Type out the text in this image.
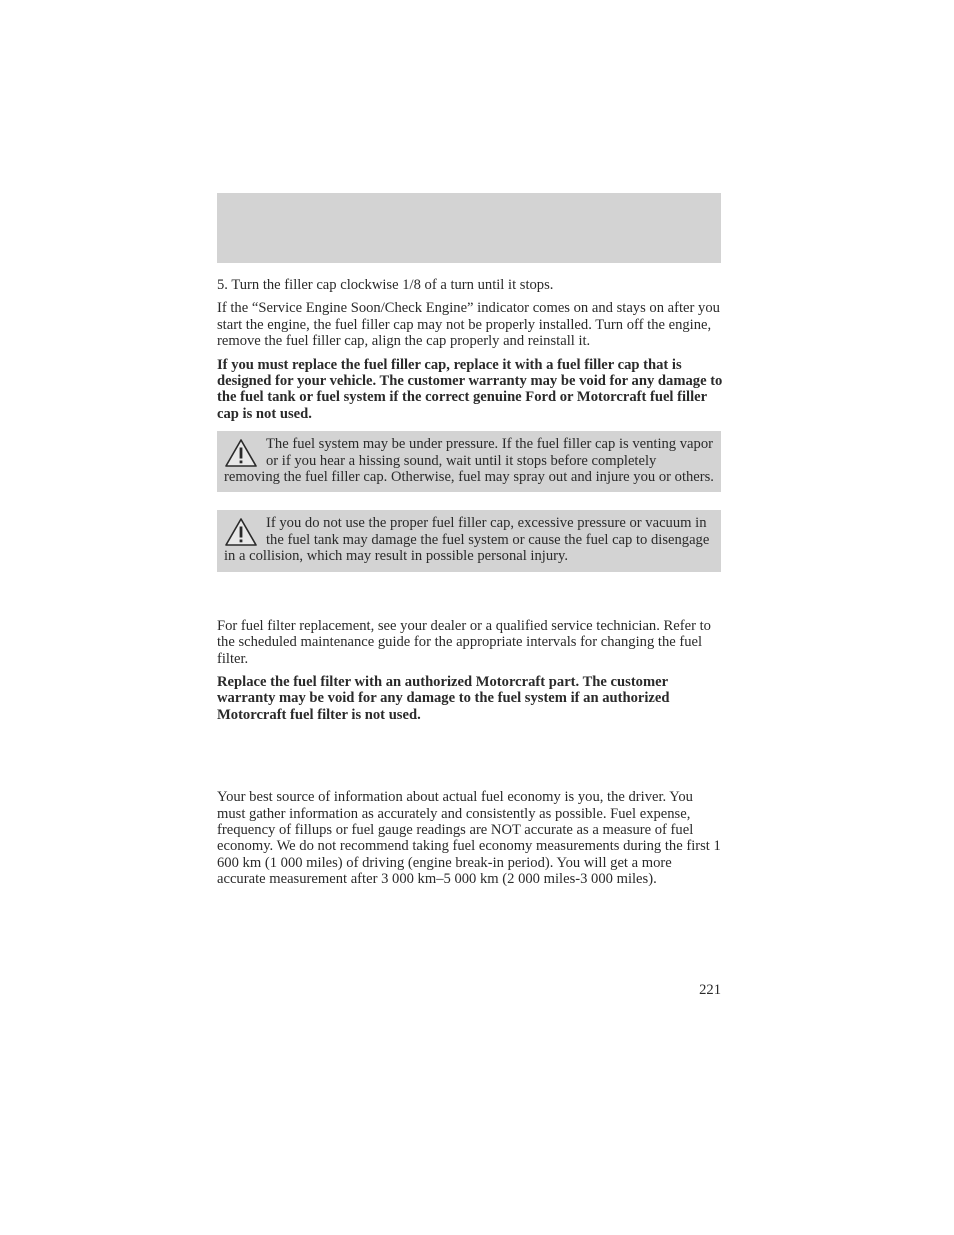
5. Turn the filler cap clockwise 1/8 of a turn until it stops.

If the “Service Engine Soon/Check Engine” indicator comes on and stays on after you start the engine, the fuel filler cap may not be properly installed. Turn off the engine, remove the fuel filler cap, align the cap properly and reinstall it.

If you must replace the fuel filler cap, replace it with a fuel filler cap that is designed for your vehicle. The customer warranty may be void for any damage to the fuel tank or fuel system if the correct genuine Ford or Motorcraft fuel filler cap is not used.

The fuel system may be under pressure. If the fuel filler cap is venting vapor or if you hear a hissing sound, wait until it stops before completely removing the fuel filler cap. Otherwise, fuel may spray out and injure you or others.

If you do not use the proper fuel filler cap, excessive pressure or vacuum in the fuel tank may damage the fuel system or cause the fuel cap to disengage in a collision, which may result in possible personal injury.

For fuel filter replacement, see your dealer or a qualified service technician. Refer to the scheduled maintenance guide for the appropriate intervals for changing the fuel filter.

Replace the fuel filter with an authorized Motorcraft part. The customer warranty may be void for any damage to the fuel system if an authorized Motorcraft fuel filter is not used.

Your best source of information about actual fuel economy is you, the driver. You must gather information as accurately and consistently as possible. Fuel expense, frequency of fillups or fuel gauge readings are NOT accurate as a measure of fuel economy. We do not recommend taking fuel economy measurements during the first 1 600 km (1 000 miles) of driving (engine break-in period). You will get a more accurate measurement after 3 000 km–5 000 km (2 000 miles-3 000 miles).

221
